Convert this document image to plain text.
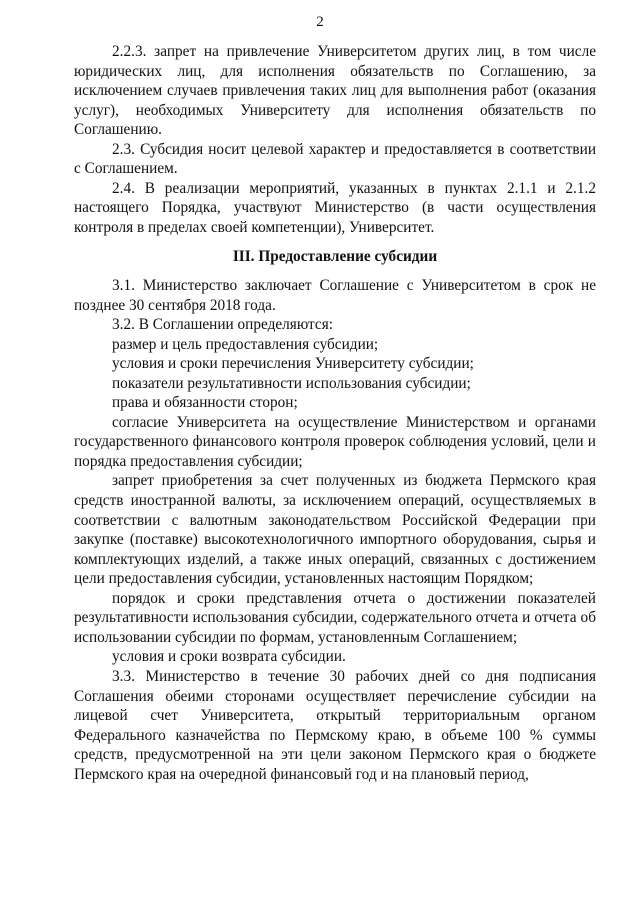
2

2.2.3. запрет на привлечение Университетом других лиц, в том числе юридических лиц, для исполнения обязательств по Соглашению, за исключением случаев привлечения таких лиц для выполнения работ (оказания услуг), необходимых Университету для исполнения обязательств по Соглашению.

2.3. Субсидия носит целевой характер и предоставляется в соответствии с Соглашением.

2.4. В реализации мероприятий, указанных в пунктах 2.1.1 и 2.1.2 настоящего Порядка, участвуют Министерство (в части осуществления контроля в пределах своей компетенции), Университет.

III. Предоставление субсидии

3.1. Министерство заключает Соглашение с Университетом в срок не позднее 30 сентября 2018 года.

3.2. В Соглашении определяются:

размер и цель предоставления субсидии;

условия и сроки перечисления Университету субсидии;

показатели результативности использования субсидии;

права и обязанности сторон;

согласие Университета на осуществление Министерством и органами государственного финансового контроля проверок соблюдения условий, цели и порядка предоставления субсидии;

запрет приобретения за счет полученных из бюджета Пермского края средств иностранной валюты, за исключением операций, осуществляемых в соответствии с валютным законодательством Российской Федерации при закупке (поставке) высокотехнологичного импортного оборудования, сырья и комплектующих изделий, а также иных операций, связанных с достижением цели предоставления субсидии, установленных настоящим Порядком;

порядок и сроки представления отчета о достижении показателей результативности использования субсидии, содержательного отчета и отчета об использовании субсидии по формам, установленным Соглашением;

условия и сроки возврата субсидии.

3.3. Министерство в течение 30 рабочих дней со дня подписания Соглашения обеими сторонами осуществляет перечисление субсидии на лицевой счет Университета, открытый территориальным органом Федерального казначейства по Пермскому краю, в объеме 100 % суммы средств, предусмотренной на эти цели законом Пермского края о бюджете Пермского края на очередной финансовый год и на плановый период,
